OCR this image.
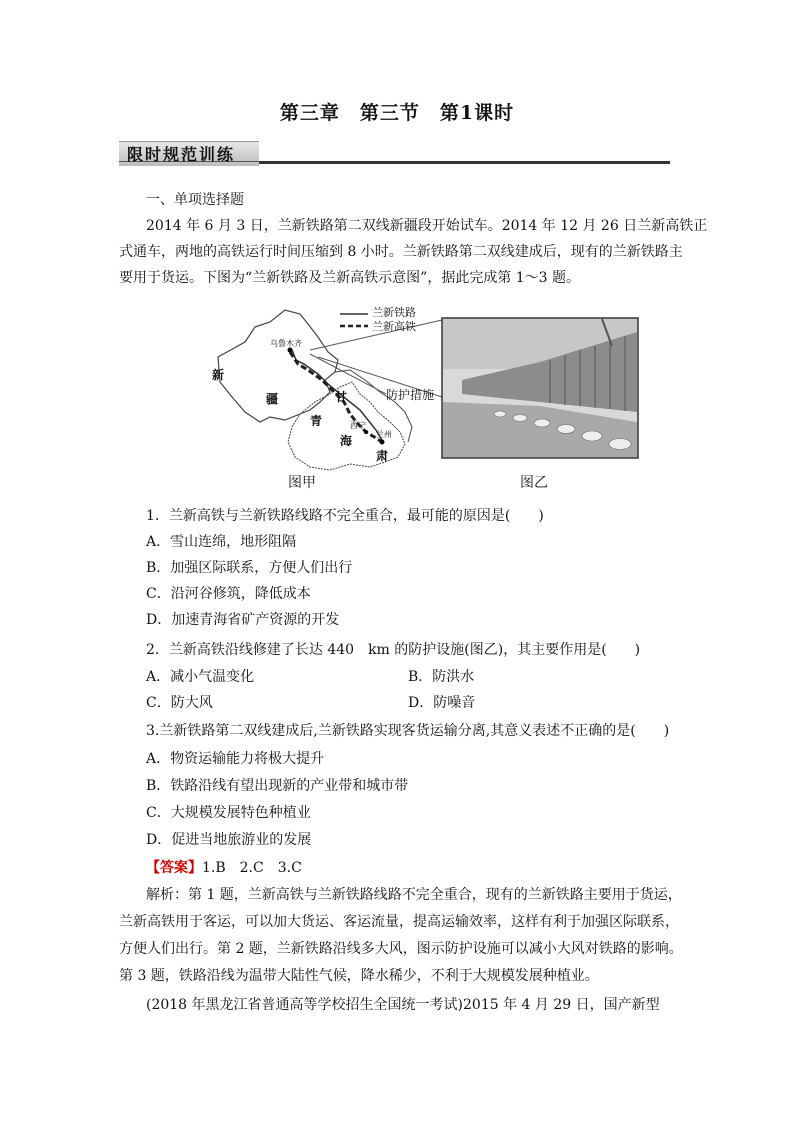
第三章　第三节　第1课时
限时规范训练
一、单项选择题
2014 年 6 月 3 日，兰新铁路第二双线新疆段开始试车。2014 年 12 月 26 日兰新高铁正
式通车，两地的高铁运行时间压缩到 8 小时。兰新铁路第二双线建成后，现有的兰新铁路主
要用于货运。下图为“兰新铁路及兰新高铁示意图”，据此完成第 1～3 题。
兰新铁路
兰新高铁
乌鲁木齐
西宁
兰州
新
疆	甘
青
海
肃
防护措施
图甲	图乙
1．兰新高铁与兰新铁路线路不完全重合，最可能的原因是(　　)
A．雪山连绵，地形阻隔
B．加强区际联系，方便人们出行
C．沿河谷修筑，降低成本
D．加速青海省矿产资源的开发
2．兰新高铁沿线修建了长达 440　km 的防护设施(图乙)，其主要作用是(　　)
A．减小气温变化	B．防洪水
C．防大风	D．防噪音
3.兰新铁路第二双线建成后,兰新铁路实现客货运输分离,其意义表述不正确的是(　　)
A．物资运输能力将极大提升
B．铁路沿线有望出现新的产业带和城市带
C．大规模发展特色种植业
D．促进当地旅游业的发展
【答案】1.B　2.C　3.C
解析：第 1 题，兰新高铁与兰新铁路线路不完全重合，现有的兰新铁路主要用于货运，
兰新高铁用于客运，可以加大货运、客运流量，提高运输效率，这样有利于加强区际联系，
方便人们出行。第 2 题，兰新铁路沿线多大风，图示防护设施可以减小大风对铁路的影响。
第 3 题，铁路沿线为温带大陆性气候，降水稀少，不利于大规模发展种植业。
(2018 年黑龙江省普通高等学校招生全国统一考试)2015 年 4 月 29 日，国产新型
